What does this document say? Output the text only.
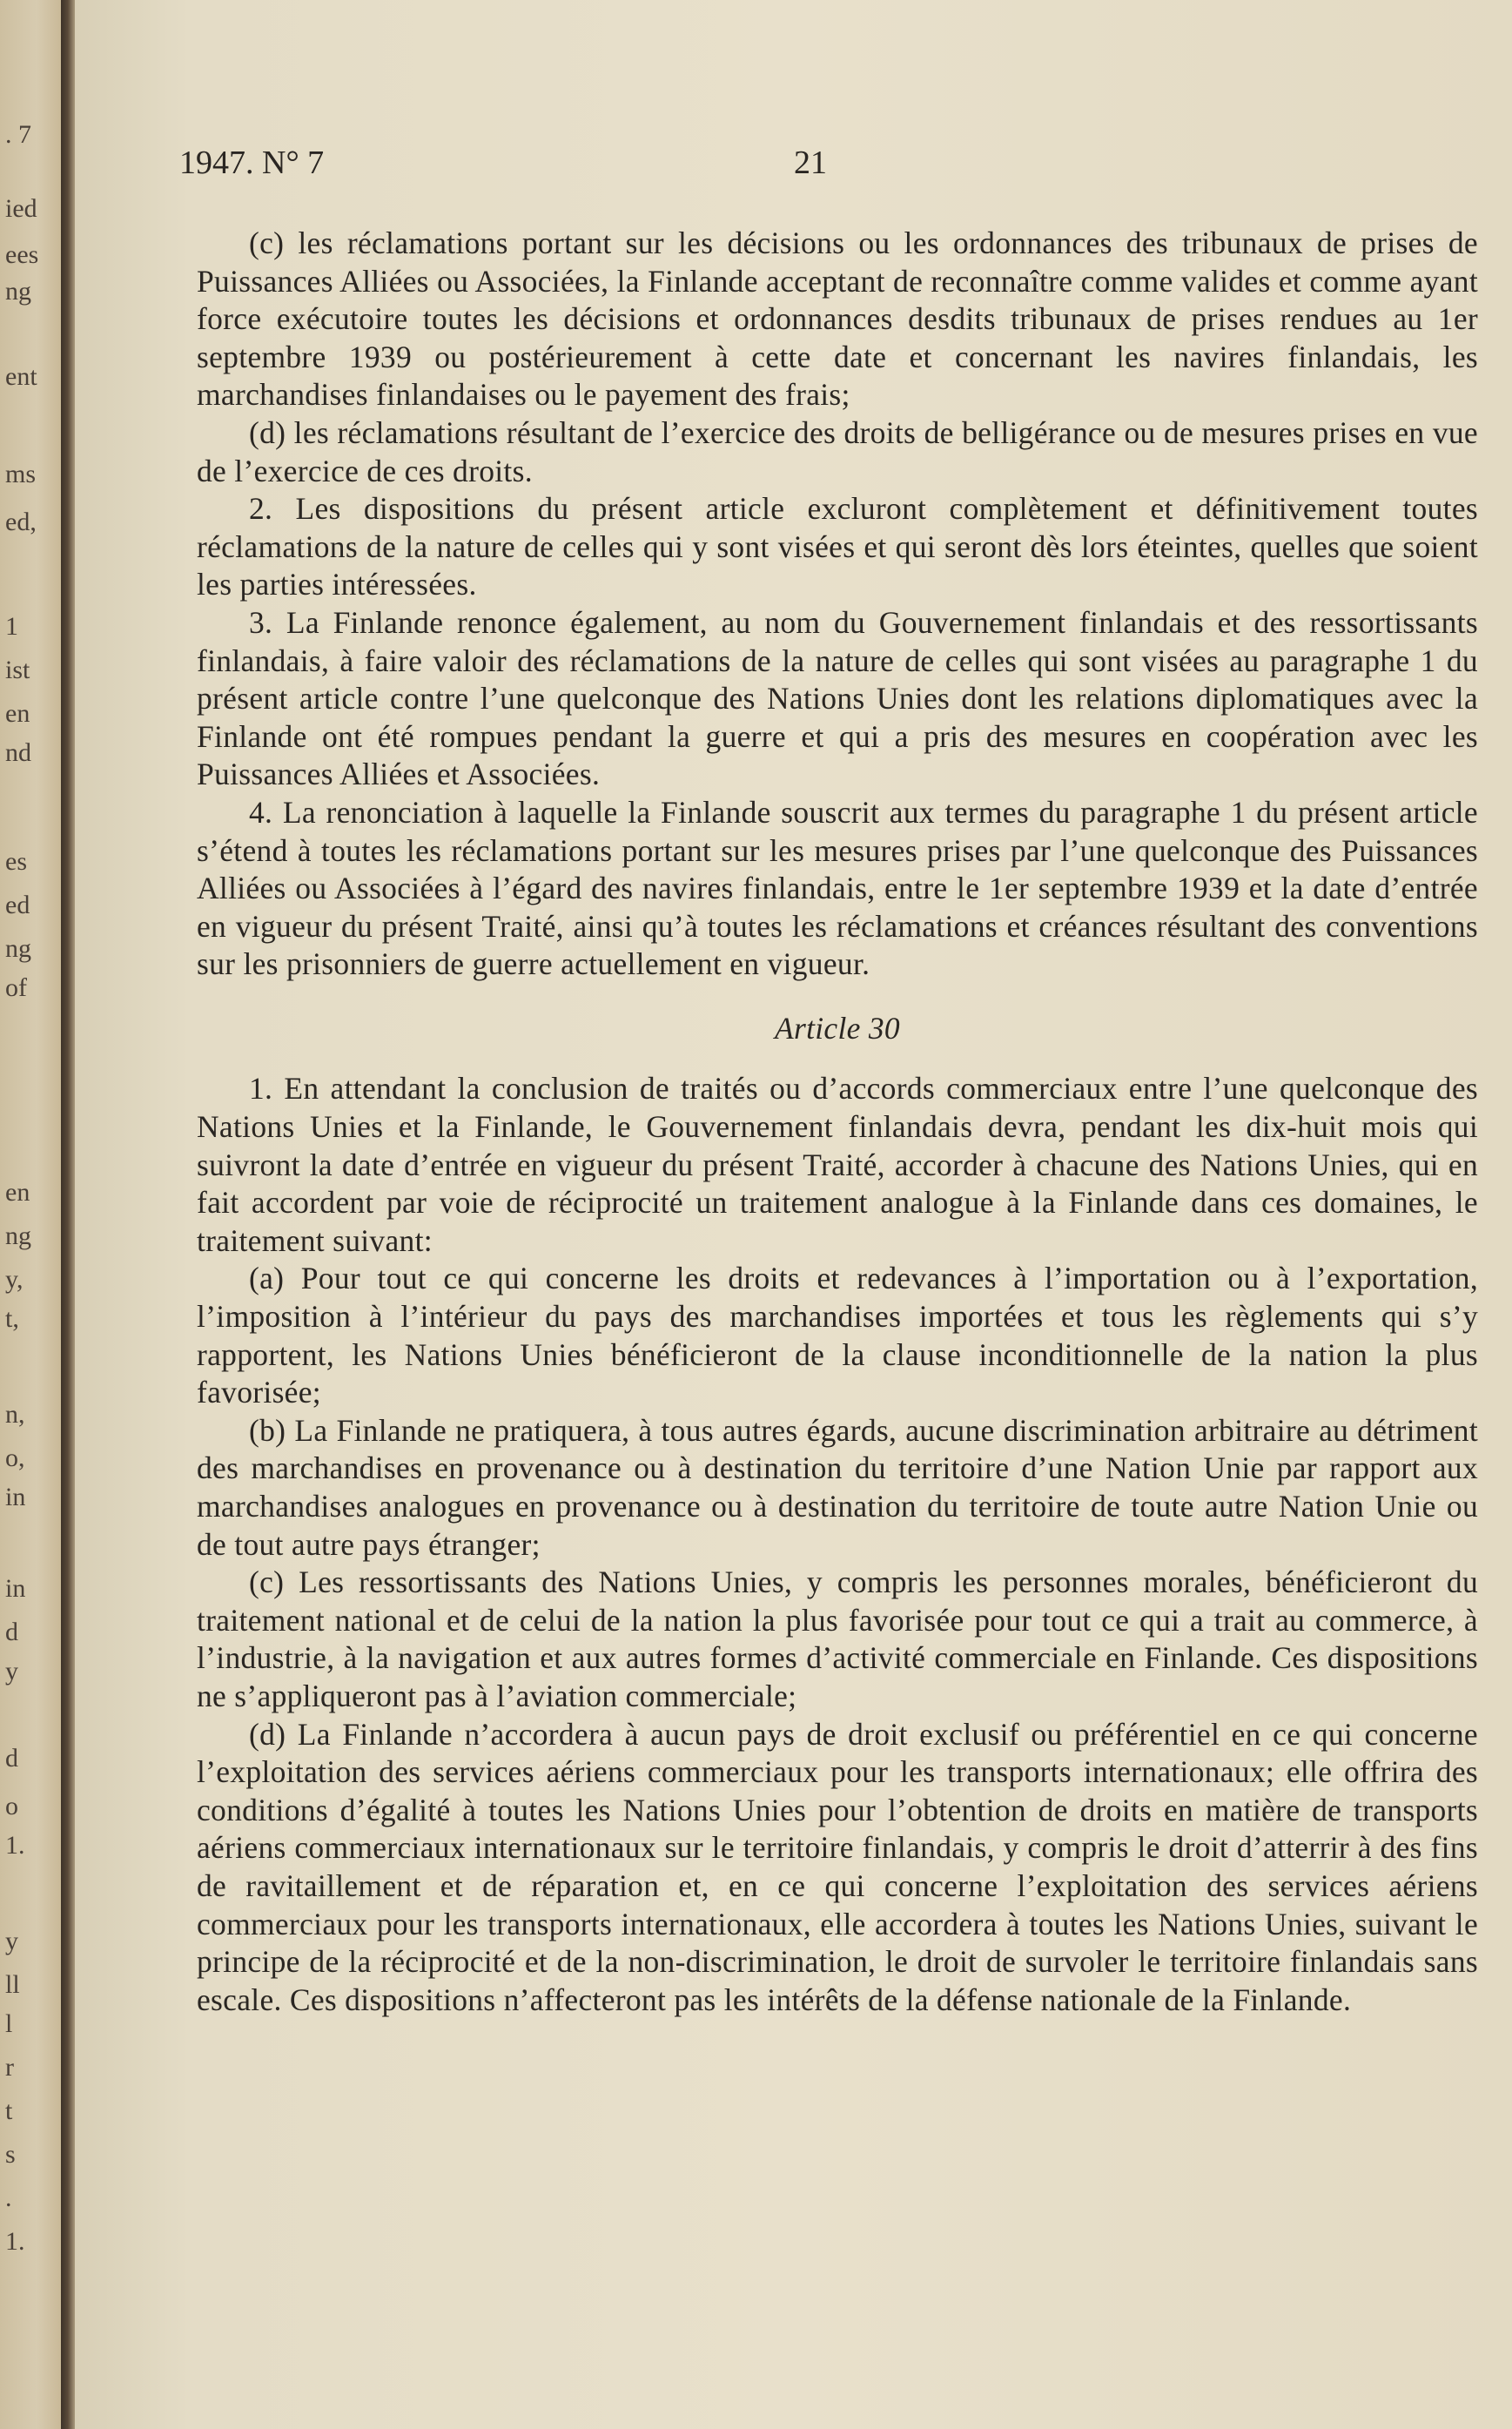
. 7
ied
ees
ng
ent
ms
ed,
1
ist
en
nd
es
ed
ng
of
en
ng
y,
t,
n,
o,
in
in
d
y
d
o
1.
y
ll
l
r
t
s
.
1.
1947. N° 7	21

(c) les réclamations portant sur les décisions ou les ordonnances des tribunaux de prises de Puissances Alliées ou Associées, la Finlande acceptant de reconnaître comme valides et comme ayant force exécutoire toutes les décisions et ordonnances desdits tribunaux de prises rendues au 1er septembre 1939 ou postérieurement à cette date et concernant les navires finlandais, les marchandises finlandaises ou le payement des frais;

(d) les réclamations résultant de l’exercice des droits de belligérance ou de mesures prises en vue de l’exercice de ces droits.

2. Les dispositions du présent article excluront complètement et définitivement toutes réclamations de la nature de celles qui y sont visées et qui seront dès lors éteintes, quelles que soient les parties intéressées.

3. La Finlande renonce également, au nom du Gouvernement finlandais et des ressortissants finlandais, à faire valoir des réclamations de la nature de celles qui sont visées au paragraphe 1 du présent article contre l’une quelconque des Nations Unies dont les relations diplomatiques avec la Finlande ont été rompues pendant la guerre et qui a pris des mesures en coopération avec les Puissances Alliées et Associées.

4. La renonciation à laquelle la Finlande souscrit aux termes du paragraphe 1 du présent article s’étend à toutes les réclamations portant sur les mesures prises par l’une quelconque des Puissances Alliées ou Associées à l’égard des navires finlandais, entre le 1er septembre 1939 et la date d’entrée en vigueur du présent Traité, ainsi qu’à toutes les réclamations et créances résultant des conventions sur les prisonniers de guerre actuellement en vigueur.

Article 30

1. En attendant la conclusion de traités ou d’accords commerciaux entre l’une quelconque des Nations Unies et la Finlande, le Gouvernement finlandais devra, pendant les dix-huit mois qui suivront la date d’entrée en vigueur du présent Traité, accorder à chacune des Nations Unies, qui en fait accordent par voie de réciprocité un traitement analogue à la Finlande dans ces domaines, le traitement suivant:

(a) Pour tout ce qui concerne les droits et redevances à l’importation ou à l’exportation, l’imposition à l’intérieur du pays des marchandises importées et tous les règlements qui s’y rapportent, les Nations Unies bénéficieront de la clause inconditionnelle de la nation la plus favorisée;

(b) La Finlande ne pratiquera, à tous autres égards, aucune discrimination arbitraire au détriment des marchandises en provenance ou à destination du territoire d’une Nation Unie par rapport aux marchandises analogues en provenance ou à destination du territoire de toute autre Nation Unie ou de tout autre pays étranger;

(c) Les ressortissants des Nations Unies, y compris les personnes morales, bénéficieront du traitement national et de celui de la nation la plus favorisée pour tout ce qui a trait au commerce, à l’industrie, à la navigation et aux autres formes d’activité commerciale en Finlande. Ces dispositions ne s’appliqueront pas à l’aviation commerciale;

(d) La Finlande n’accordera à aucun pays de droit exclusif ou préférentiel en ce qui concerne l’exploitation des services aériens commerciaux pour les transports internationaux; elle offrira des conditions d’égalité à toutes les Nations Unies pour l’obtention de droits en matière de transports aériens commerciaux internationaux sur le territoire finlandais, y compris le droit d’atterrir à des fins de ravitaillement et de réparation et, en ce qui concerne l’exploitation des services aériens commerciaux pour les transports internationaux, elle accordera à toutes les Nations Unies, suivant le principe de la réciprocité et de la non-discrimination, le droit de survoler le territoire finlandais sans escale. Ces dispositions n’affecteront pas les intérêts de la défense nationale de la Finlande.
